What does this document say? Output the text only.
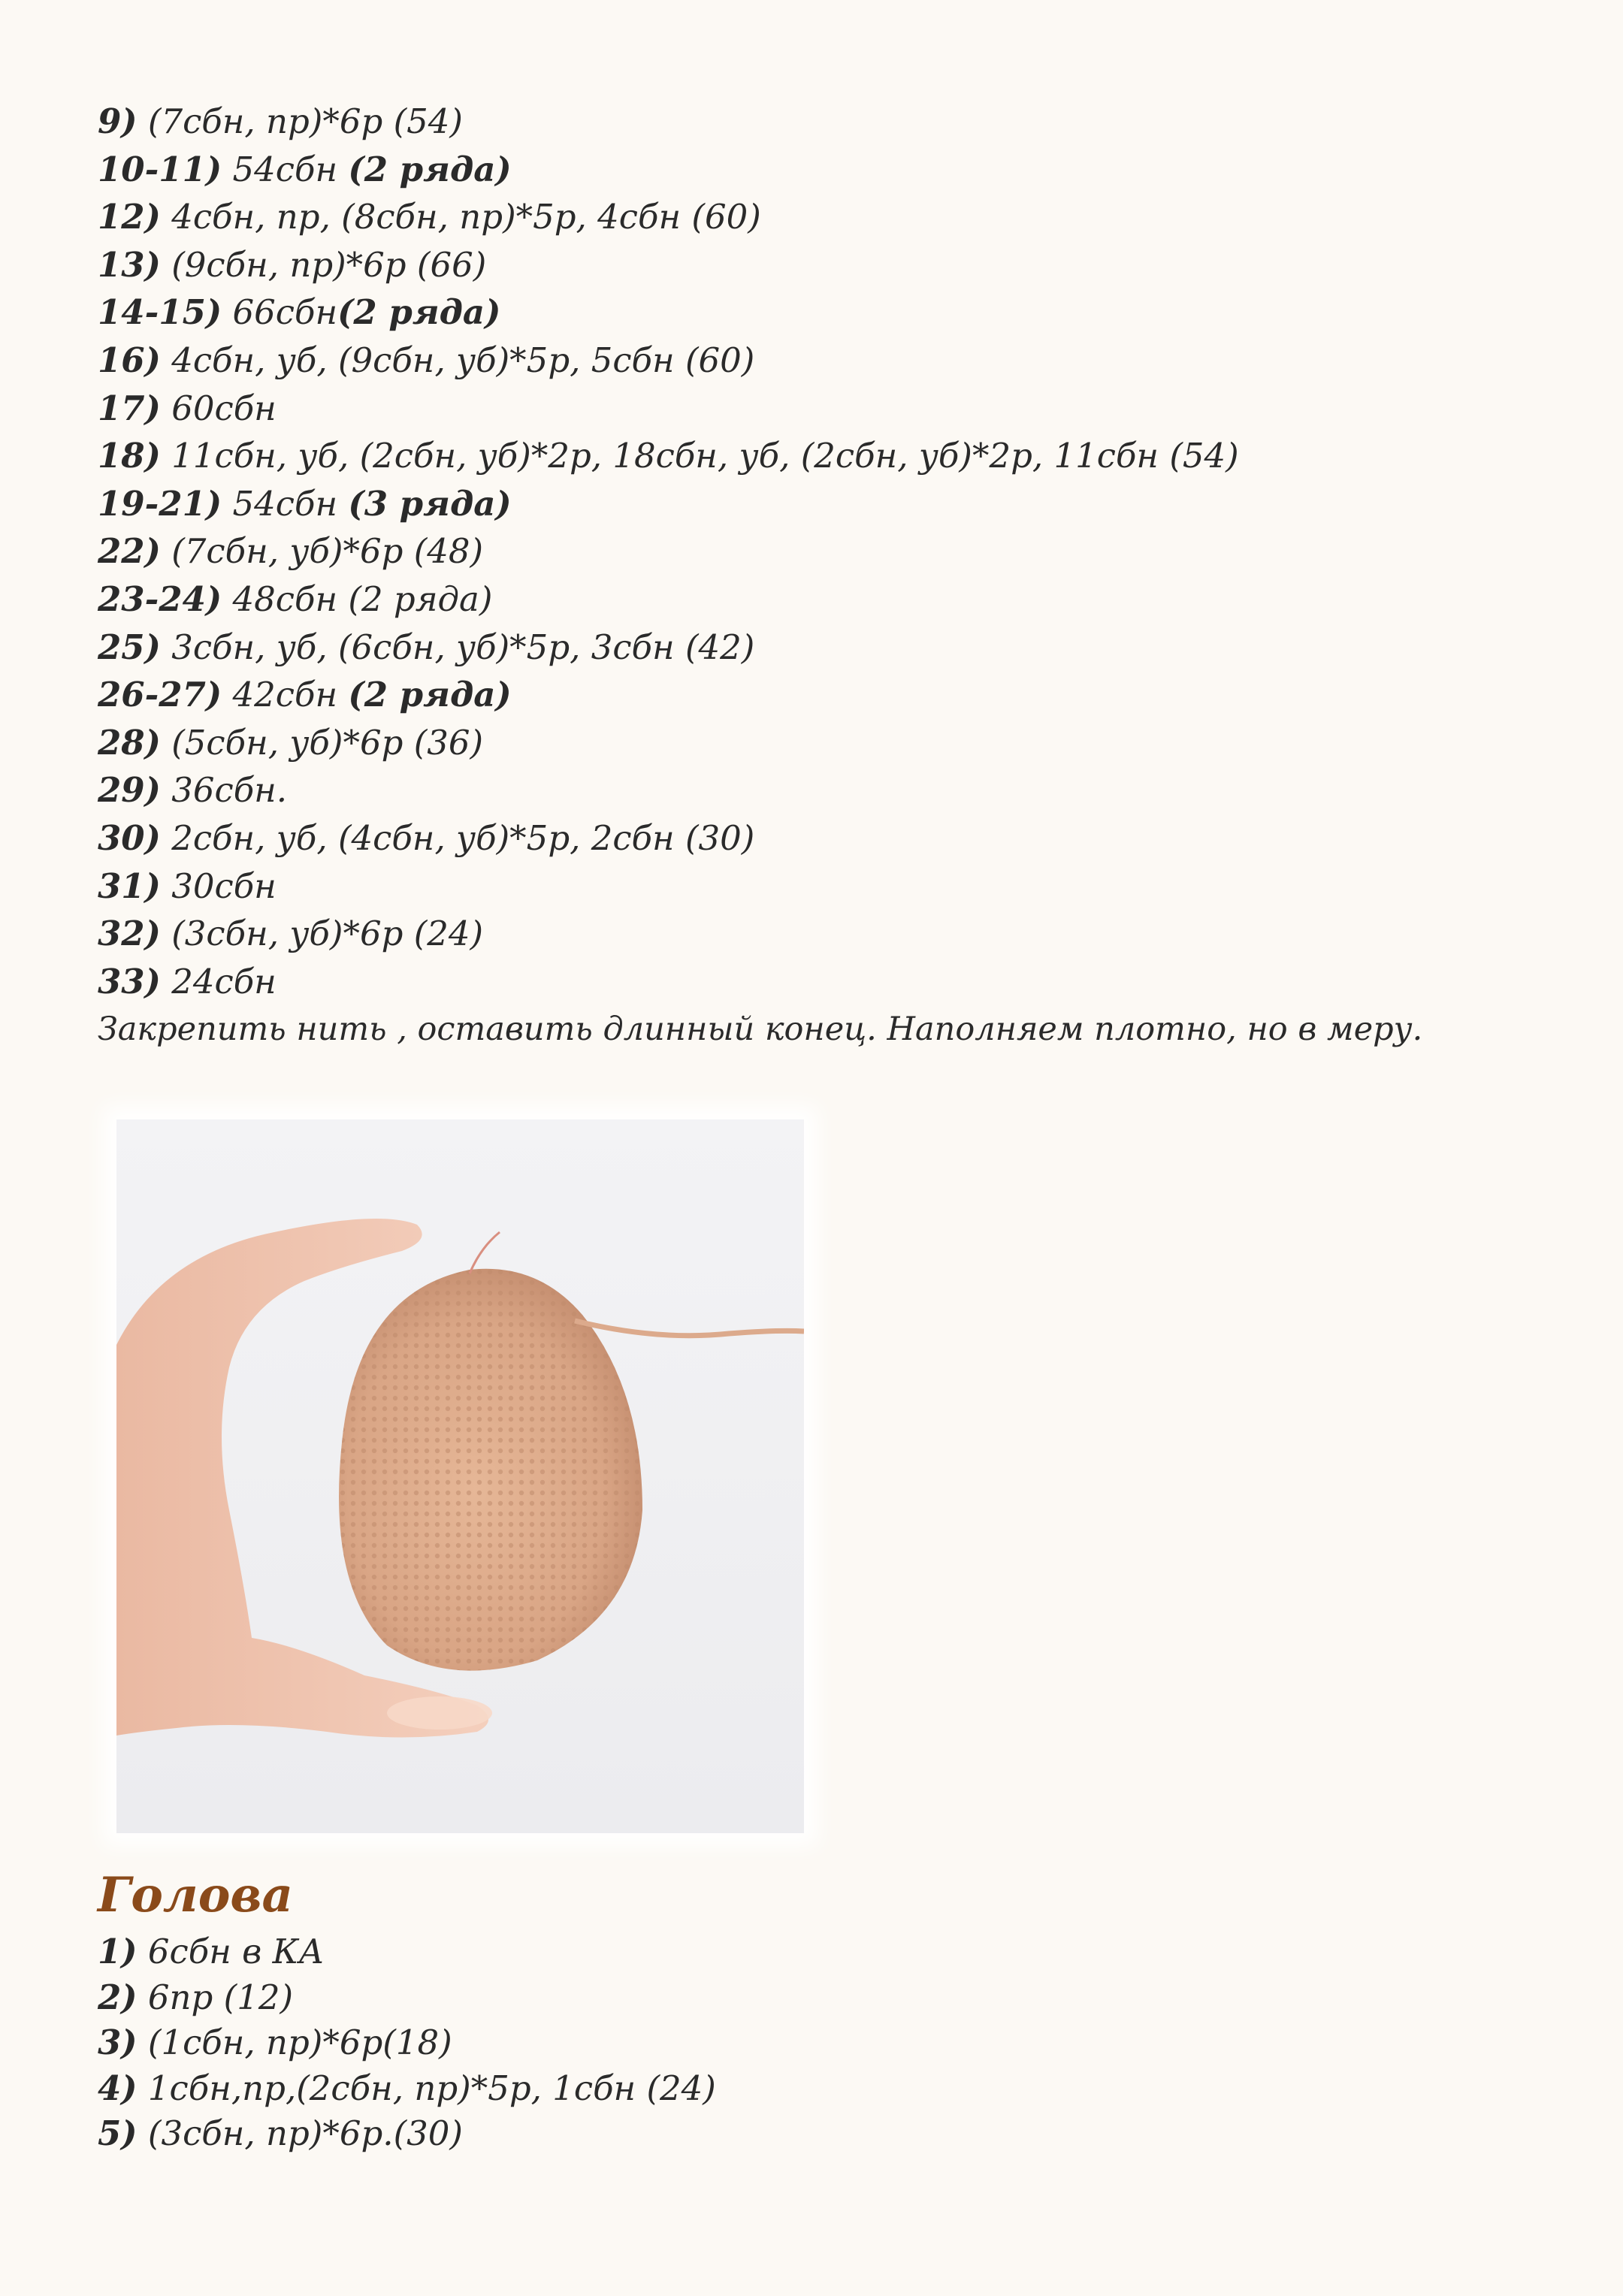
9) (7сбн, пр)*6р (54)
10-11) 54сбн (2 ряда)
12) 4сбн, пр, (8сбн, пр)*5р, 4сбн (60)
13) (9сбн, пр)*6р (66)
14-15) 66сбн(2 ряда)
16) 4сбн, уб, (9сбн, уб)*5р, 5сбн (60)
17) 60сбн
18) 11сбн, уб, (2сбн, уб)*2р, 18сбн, уб, (2сбн, уб)*2р, 11сбн (54)
19-21) 54сбн (3 ряда)
22) (7сбн, уб)*6р (48)
23-24) 48сбн (2 ряда)
25) 3сбн, уб, (6сбн, уб)*5р, 3сбн (42)
26-27) 42сбн (2 ряда)
28) (5сбн, уб)*6р (36)
29) 36сбн.
30) 2сбн, уб, (4сбн, уб)*5р, 2сбн (30)
31) 30сбн
32) (3сбн, уб)*6р (24)
33) 24сбн
Закрепить нить , оставить длинный конец. Наполняем плотно, но в меру.
Голова
1) 6сбн в КА
2) 6пр (12)
3) (1сбн, пр)*6р(18)
4) 1сбн,пр,(2сбн, пр)*5р, 1сбн (24)
5) (3сбн, пр)*6р.(30)
